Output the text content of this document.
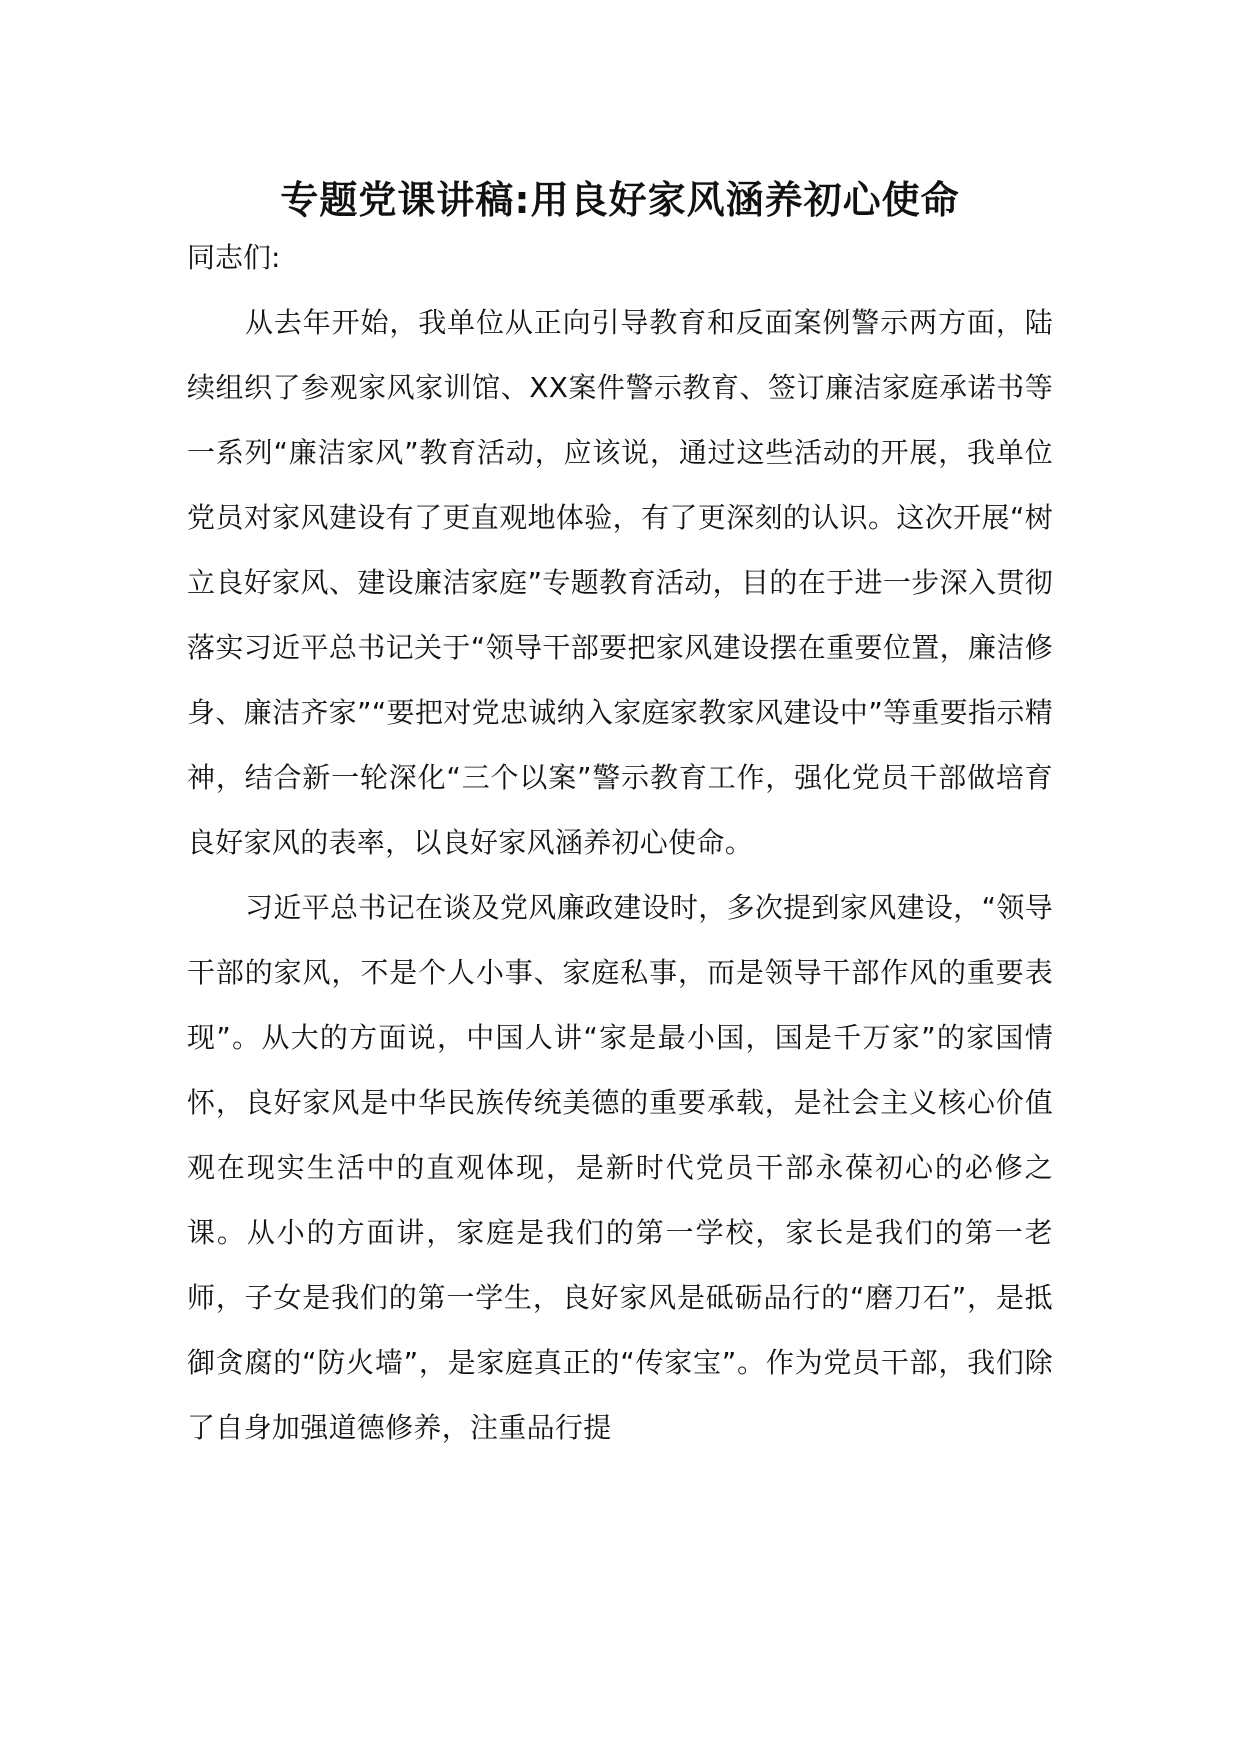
专题党课讲稿:用良好家风涵养初心使命

同志们:

从去年开始，我单位从正向引导教育和反面案例警示两方面，陆续组织了参观家风家训馆、XX案件警示教育、签订廉洁家庭承诺书等一系列“廉洁家风”教育活动，应该说，通过这些活动的开展，我单位党员对家风建设有了更直观地体验，有了更深刻的认识。这次开展“树立良好家风、建设廉洁家庭”专题教育活动，目的在于进一步深入贯彻落实习近平总书记关于“领导干部要把家风建设摆在重要位置，廉洁修身、廉洁齐家”“要把对党忠诚纳入家庭家教家风建设中”等重要指示精神，结合新一轮深化“三个以案”警示教育工作，强化党员干部做培育良好家风的表率，以良好家风涵养初心使命。

习近平总书记在谈及党风廉政建设时，多次提到家风建设，“领导干部的家风，不是个人小事、家庭私事，而是领导干部作风的重要表现”。从大的方面说，中国人讲“家是最小国，国是千万家”的家国情怀，良好家风是中华民族传统美德的重要承载，是社会主义核心价值观在现实生活中的直观体现，是新时代党员干部永葆初心的必修之课。从小的方面讲，家庭是我们的第一学校，家长是我们的第一老师，子女是我们的第一学生，良好家风是砥砺品行的“磨刀石”，是抵御贪腐的“防火墙”，是家庭真正的“传家宝”。作为党员干部，我们除了自身加强道德修养，注重品行提
